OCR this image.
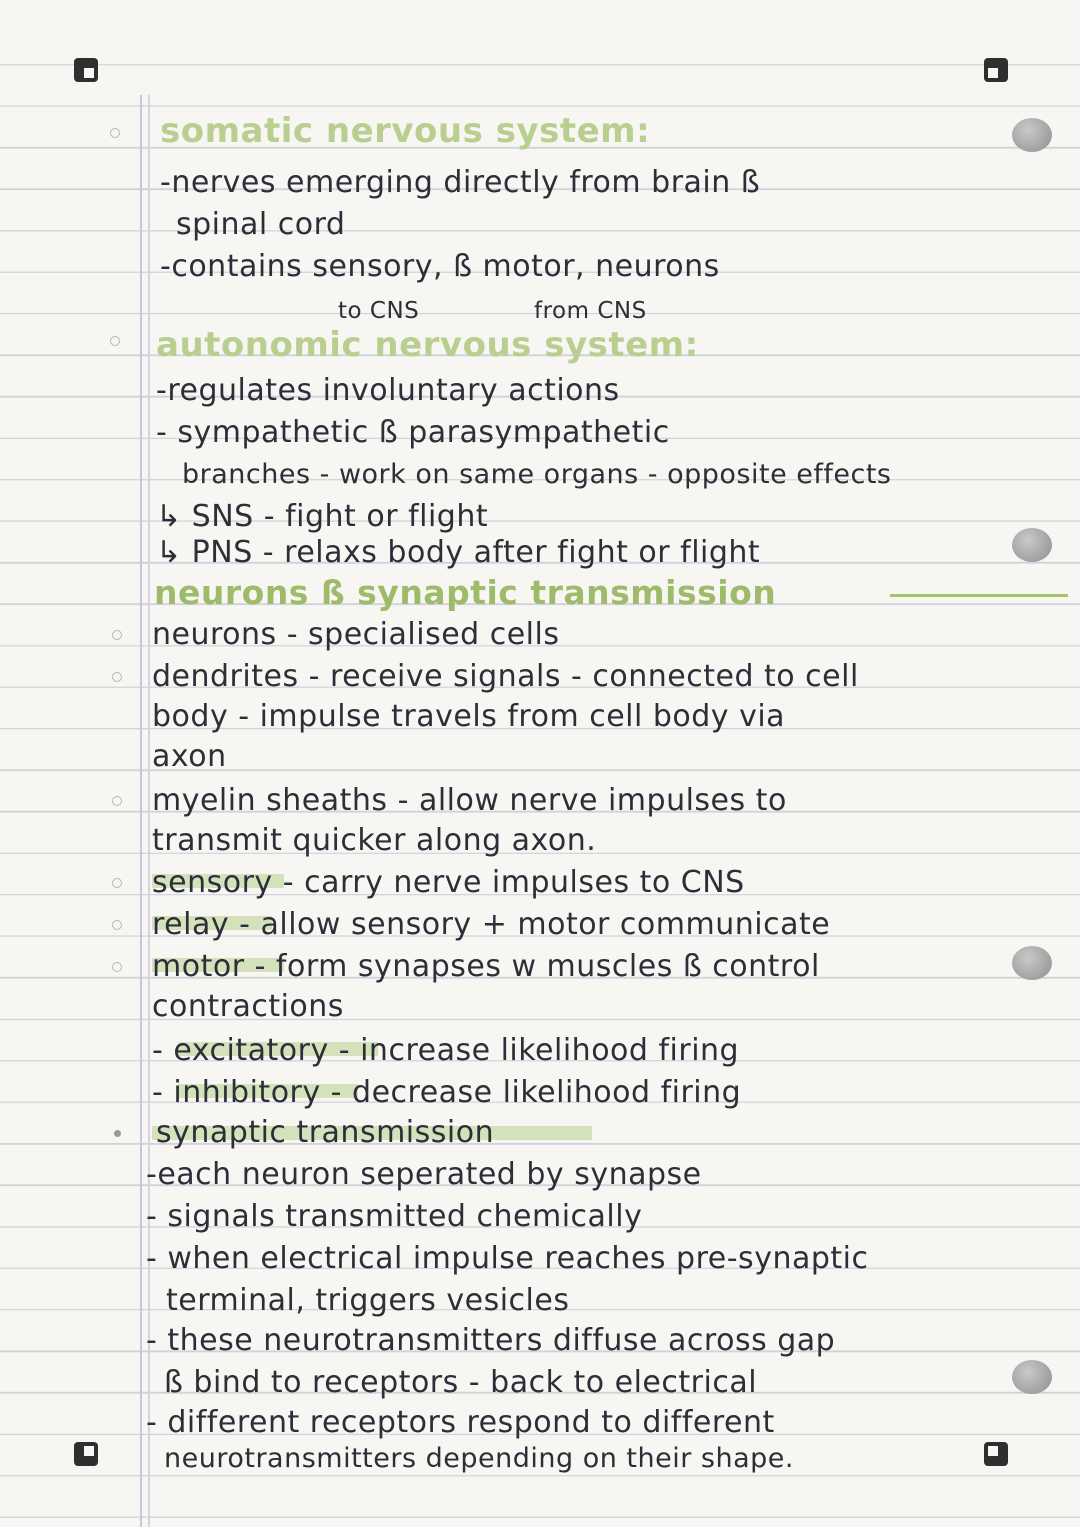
somatic nervous system:
-nerves emerging directly from brain ß
spinal cord
-contains sensory, ß motor, neurons
to CNS	from CNS
autonomic nervous system:
-regulates involuntary actions
- sympathetic ß parasympathetic
branches - work on same organs - opposite effects
↳ SNS - fight or flight
↳ PNS - relaxs body after fight or flight
neurons ß synaptic transmission
neurons - specialised cells
dendrites - receive signals - connected to cell
body - impulse travels from cell body via
axon
myelin sheaths - allow nerve impulses to
transmit quicker along axon.
sensory - carry nerve impulses to CNS
relay - allow sensory + motor communicate
motor - form synapses w muscles ß control
contractions
- excitatory - increase likelihood firing
- inhibitory - decrease likelihood firing
synaptic transmission
-each neuron seperated by synapse
- signals transmitted chemically
- when electrical impulse reaches pre-synaptic
terminal, triggers vesicles
- these neurotransmitters diffuse across gap
ß bind to receptors - back to electrical
- different receptors respond to different
neurotransmitters depending on their shape.
